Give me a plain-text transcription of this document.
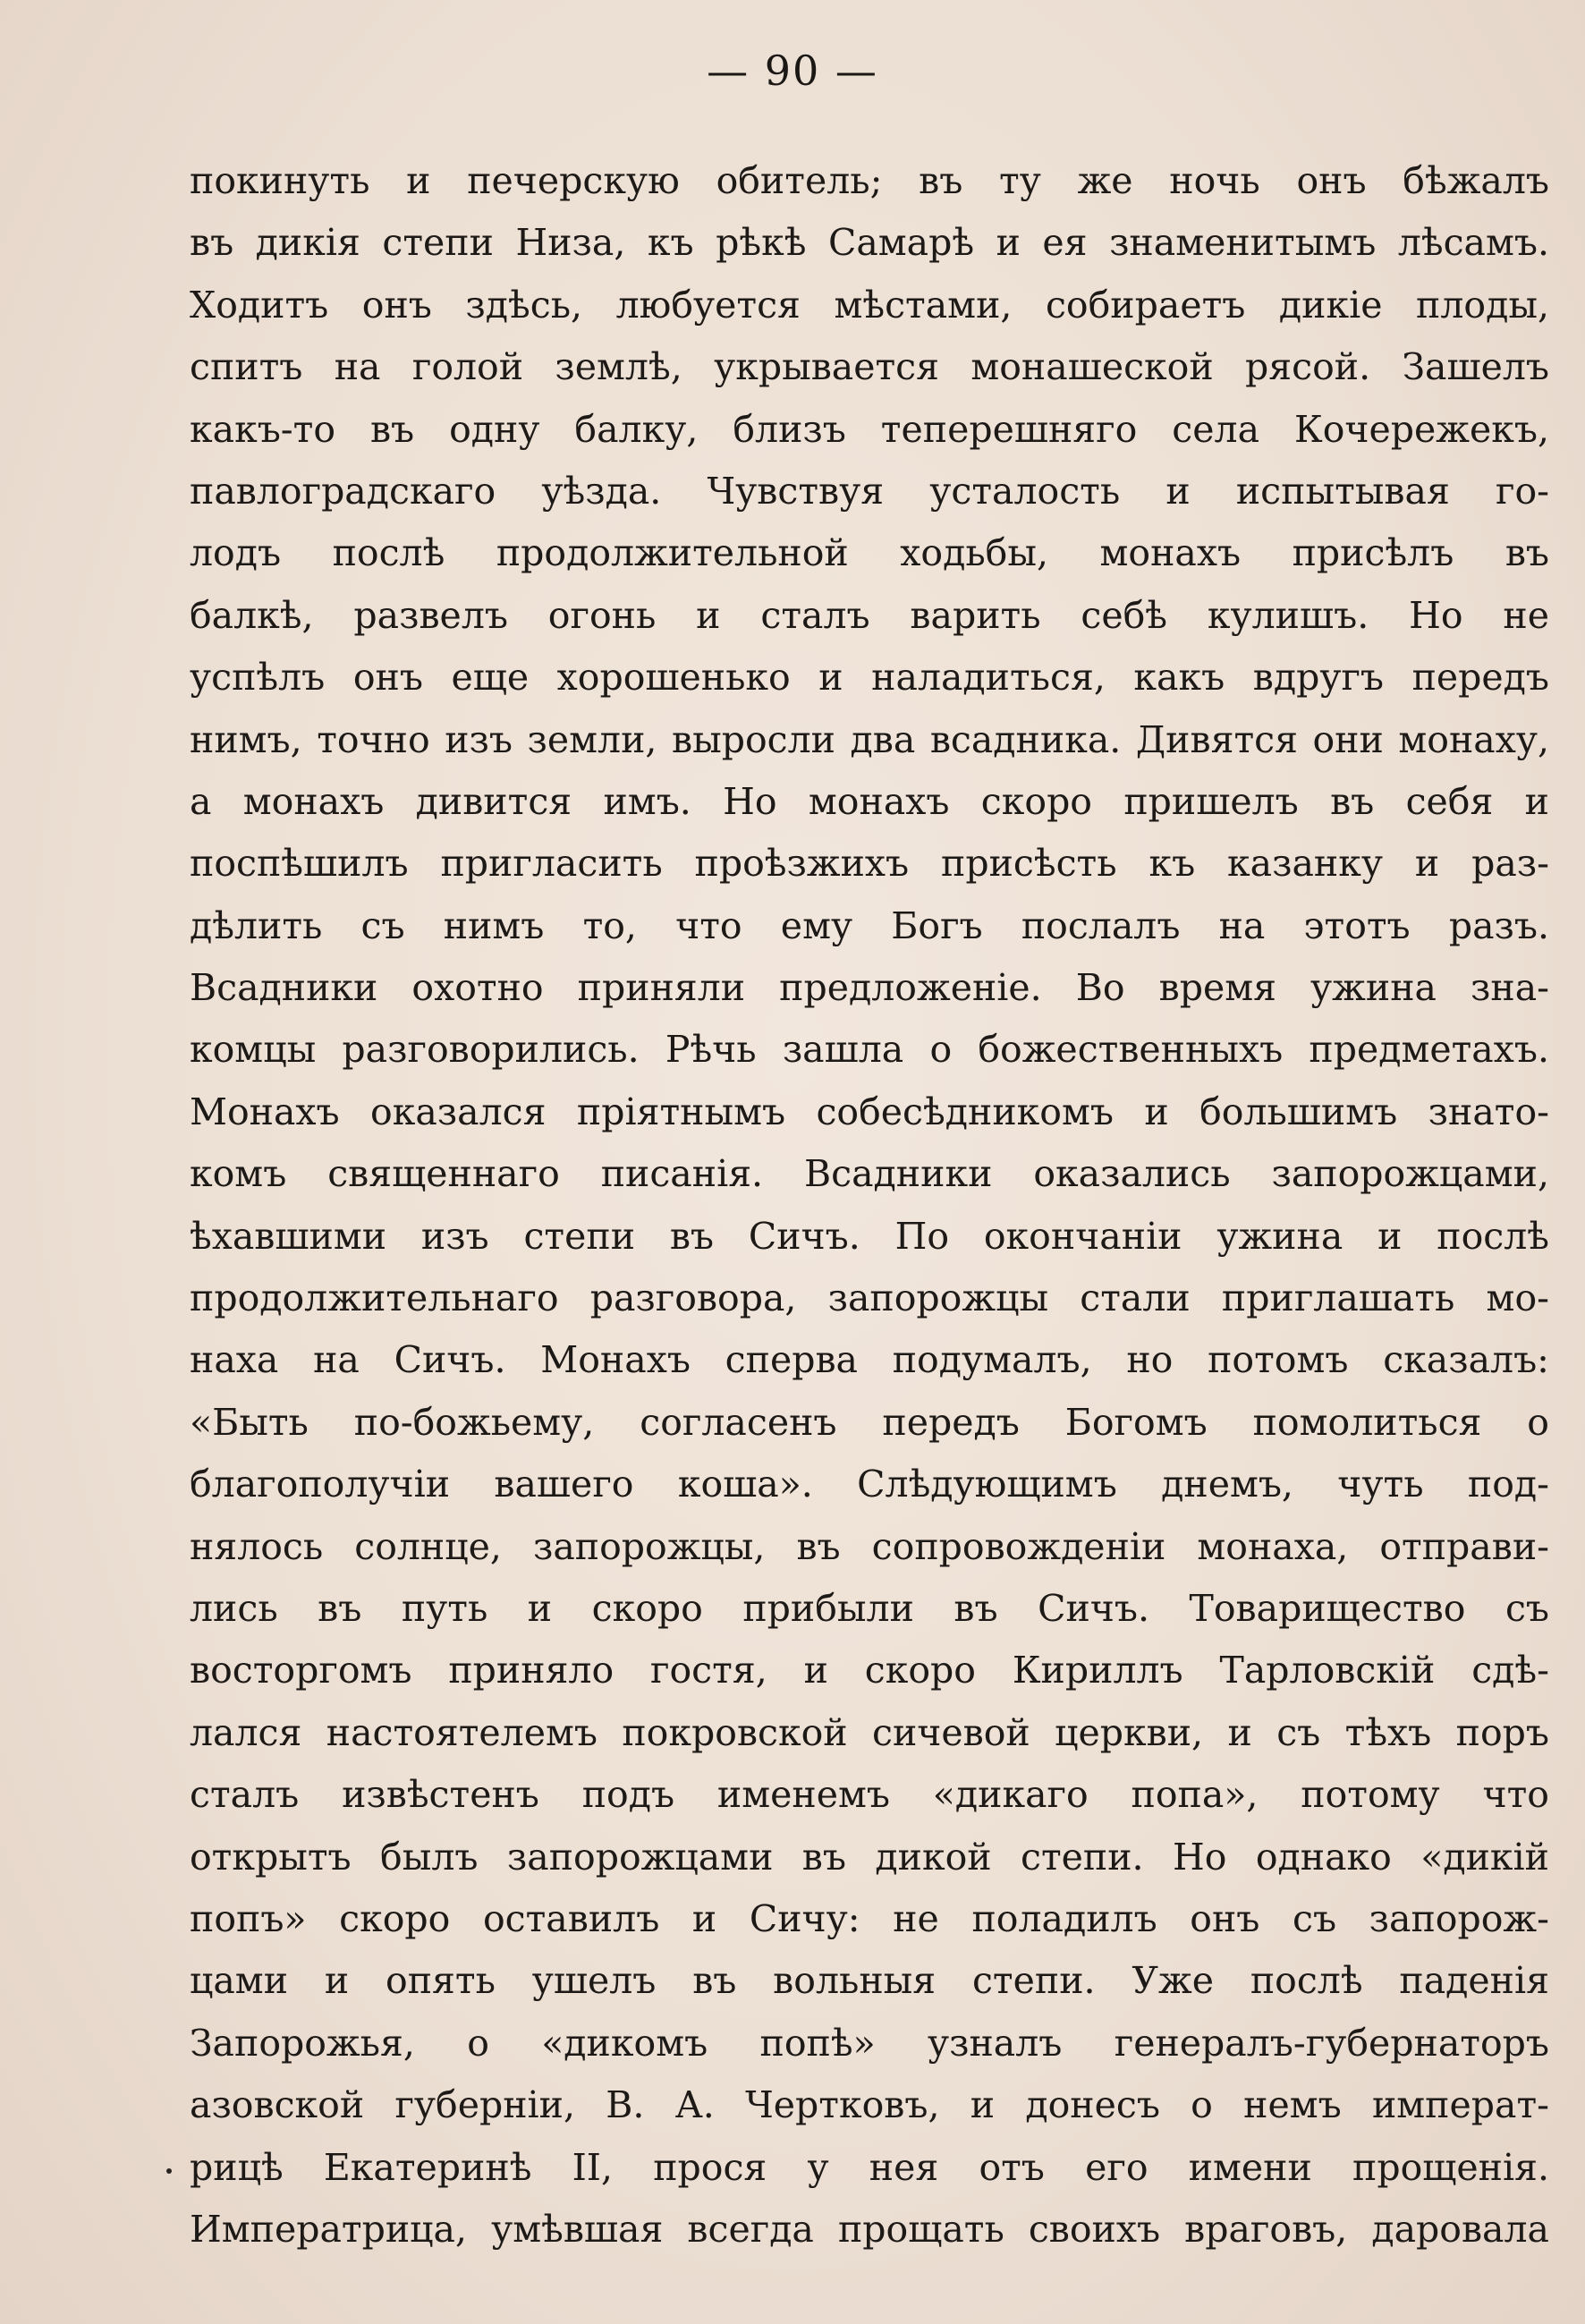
— 90 —
покинуть и печерскую обитель; въ ту же ночь онъ бѣжалъ
въ дикія степи Низа, къ рѣкѣ Самарѣ и ея знаменитымъ лѣсамъ.
Ходитъ онъ здѣсь, любуется мѣстами, собираетъ дикіе плоды,
спитъ на голой землѣ, укрывается монашеской рясой. Зашелъ
какъ-то въ одну балку, близъ теперешняго села Кочережекъ,
павлоградскаго уѣзда. Чувствуя усталость и испытывая го-
лодъ послѣ продолжительной ходьбы, монахъ присѣлъ въ
балкѣ, развелъ огонь и сталъ варить себѣ кулишъ. Но не
успѣлъ онъ еще хорошенько и наладиться, какъ вдругъ передъ
нимъ, точно изъ земли, выросли два всадника. Дивятся они монаху,
а монахъ дивится имъ. Но монахъ скоро пришелъ въ себя и
поспѣшилъ пригласить проѣзжихъ присѣсть къ казанку и раз-
дѣлить съ нимъ то, что ему Богъ послалъ на этотъ разъ.
Всадники охотно приняли предложеніе. Во время ужина зна-
комцы разговорились. Рѣчь зашла о божественныхъ предметахъ.
Монахъ оказался пріятнымъ собесѣдникомъ и большимъ знато-
комъ священнаго писанія. Всадники оказались запорожцами,
ѣхавшими изъ степи въ Сичъ. По окончаніи ужина и послѣ
продолжительнаго разговора, запорожцы стали приглашать мо-
наха на Сичъ. Монахъ сперва подумалъ, но потомъ сказалъ:
«Быть по-божьему, согласенъ передъ Богомъ помолиться о
благополучіи вашего коша». Слѣдующимъ днемъ, чуть под-
нялось солнце, запорожцы, въ сопровожденіи монаха, отправи-
лись въ путь и скоро прибыли въ Сичъ. Товарищество съ
восторгомъ приняло гостя, и скоро Кириллъ Тарловскій сдѣ-
лался настоятелемъ покровской сичевой церкви, и съ тѣхъ поръ
сталъ извѣстенъ подъ именемъ «дикаго попа», потому что
открытъ былъ запорожцами въ дикой степи. Но однако «дикій
попъ» скоро оставилъ и Сичу: не поладилъ онъ съ запорож-
цами и опять ушелъ въ вольныя степи. Уже послѣ паденія
Запорожья, о «дикомъ попѣ» узналъ генералъ-губернаторъ
азовской губерніи, В. А. Чертковъ, и донесъ о немъ императ-
рицѣ Екатеринѣ II, прося у нея отъ его имени прощенія.
Императрица, умѣвшая всегда прощать своихъ враговъ, даровала
